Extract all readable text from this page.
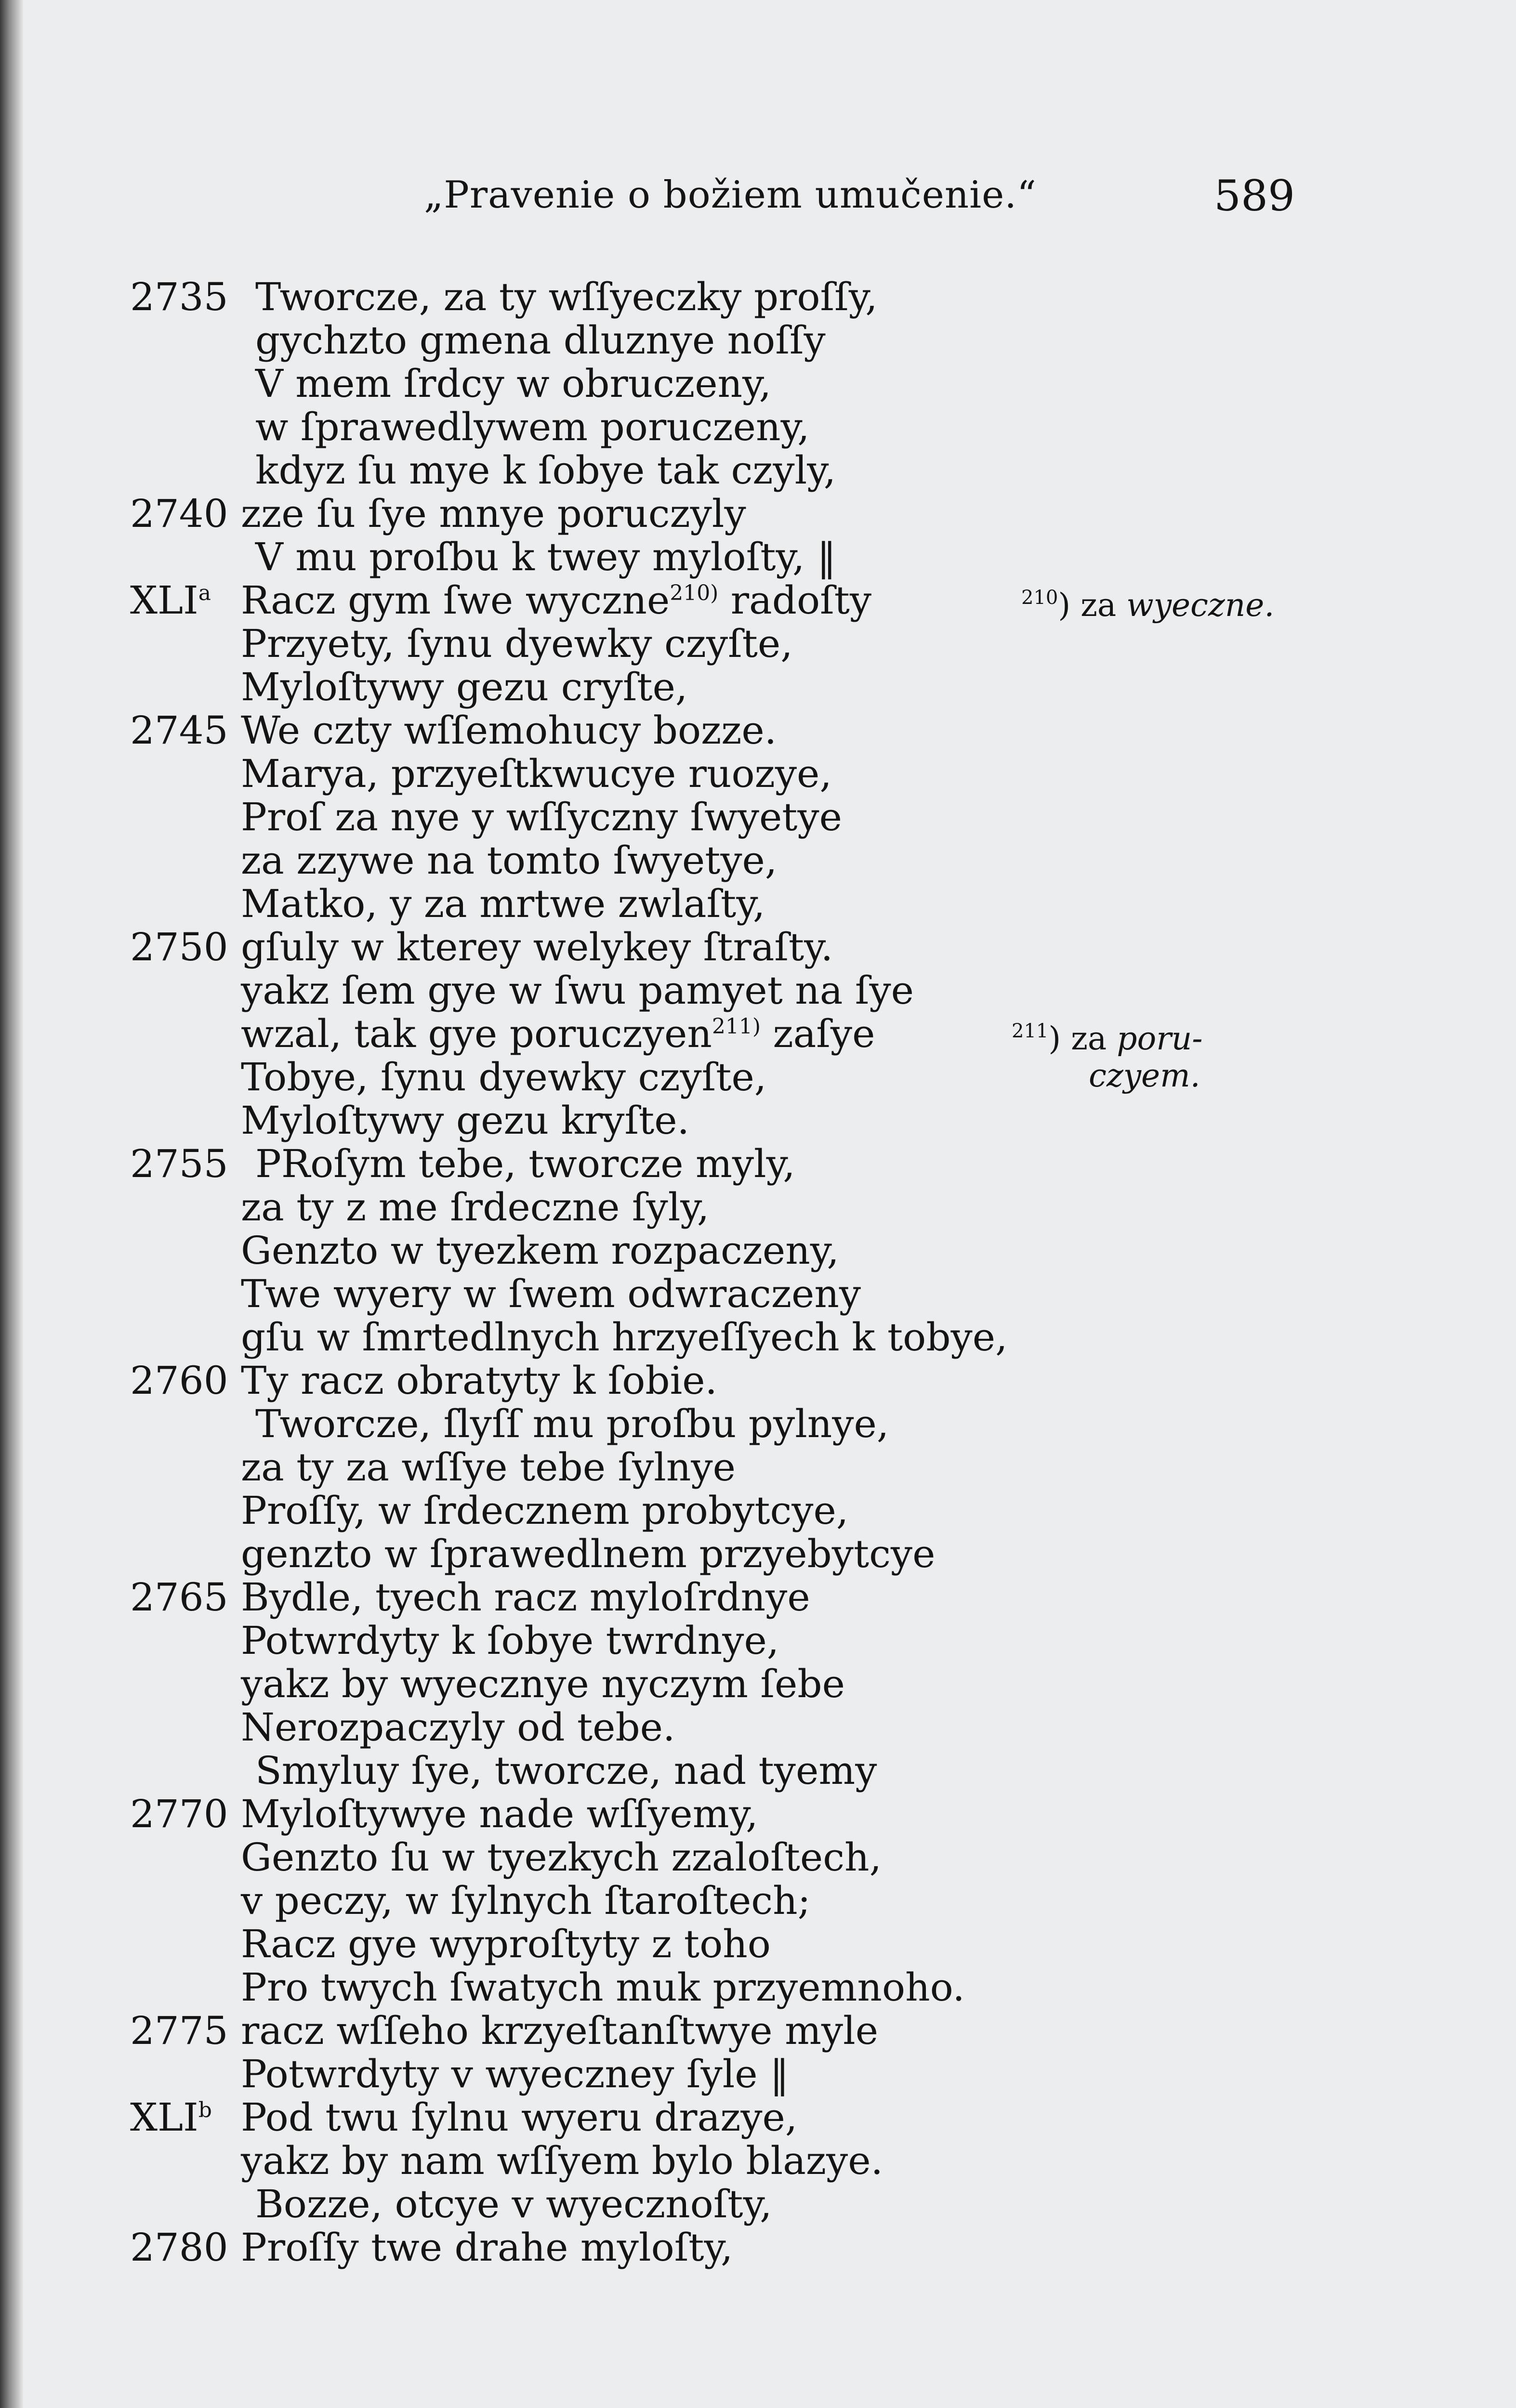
„Pravenie o božiem umučenie.“	589
2735 Tworcze, za ty wſſyeczky proſſy,
gychzto gmena dluznye noſſy
V mem ſrdcy w obruczeny,
w ſprawedlywem poruczeny,
kdyz ſu mye k ſobye tak czyly,
2740 zze ſu ſye mnye poruczyly
V mu proſbu k twey mylоſty, ‖
XLI$^a$ Racz gym ſwe wyczne$^{210)}$ radoſty
Przyety, ſynu dyewky czyſte,
Myloſtywy gezu cryſte,
2745 We czty wſſemohucy bozze.
Marya, przyeſtkwucye ruozye,
Proſ za nye y wſſyczny ſwyetye
za zzywe na tomto ſwyetye,
Matko, y za mrtwe zwlaſty,
2750 gſuly w kterey welykey ſtraſty.
yakz ſem gye w ſwu pamyet na ſye
wzal, tak gye poruczyen$^{211)}$ zaſye
Tobye, ſynu dyewky czyſte,
Myloſtywy gezu kryſte.
2755 PRoſym tebe, tworcze myly,
za ty z me ſrdeczne ſyly,
Genzto w tyezkem rozpaczeny,
Twe wyery w ſwem odwraczeny
gſu w ſmrtedlnych hrzyeſſyech k tobye,
2760 Ty racz obratyty k ſobie.
Tworcze, ſlyſſ mu proſbu pylnye,
za ty za wſſye tebe ſylnye
Proſſy, w ſrdecznem probytcye,
genzto w ſprawedlnem przyebytcye
2765 Bydle, tyech racz myloſrdnye
Potwrdyty k ſobye twrdnye,
yakz by wyecznye nyczym ſebe
Nerozpaczyly od tebe.
Smyluy ſye, tworcze, nad tyemy
2770 Myloſtywye nade wſſyemy,
Genzto ſu w tyezkych zzaloſtech,
v peczy, w ſylnych ſtaroſtech;
Racz gye wyproſtyty z toho
Pro twych ſwatych muk przyemnoho.
2775 racz wſſeho krzyeſtanſtwye myle
Potwrdyty v wyeczney ſyle ‖
XLI$^b$ Pod twu ſylnu wyeru drazye,
yakz by nam wſſyem bylo blazye.
Bozze, otcye v wyecznoſty,
2780 Proſſy twe drahe myloſty,
$^{210}$) za wyeczne.
$^{211}$) za poru-
czyem.
